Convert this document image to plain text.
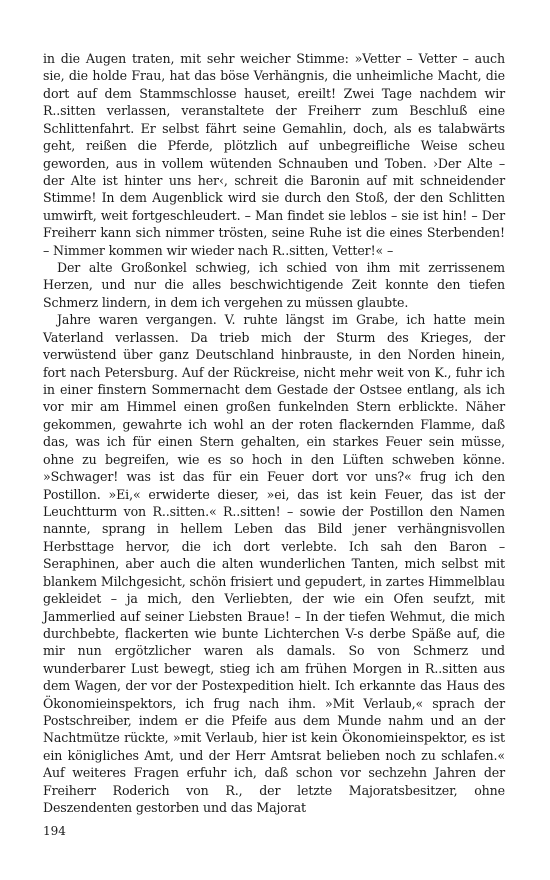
in die Augen traten, mit sehr weicher Stimme: »Vetter – Vetter – auch sie, die holde Frau, hat das böse Verhängnis, die unheimliche Macht, die dort auf dem Stammschlosse hauset, ereilt! Zwei Tage nachdem wir R..sitten verlassen, veranstaltete der Freiherr zum Beschluß eine Schlittenfahrt. Er selbst fährt seine Gemahlin, doch, als es talabwärts geht, reißen die Pferde, plötzlich auf unbegreifliche Weise scheu geworden, aus in vollem wütenden Schnauben und Toben. ›Der Alte – der Alte ist hinter uns her‹, schreit die Baronin auf mit schneidender Stimme! In dem Augenblick wird sie durch den Stoß, der den Schlitten umwirft, weit fortgeschleudert. – Man findet sie leblos – sie ist hin! – Der Freiherr kann sich nimmer trösten, seine Ruhe ist die eines Sterbenden! – Nimmer kommen wir wieder nach R..sitten, Vetter!« –

Der alte Großonkel schwieg, ich schied von ihm mit zerrissenem Herzen, und nur die alles beschwichtigende Zeit konnte den tiefen Schmerz lindern, in dem ich vergehen zu müssen glaubte.

Jahre waren vergangen. V. ruhte längst im Grabe, ich hatte mein Vaterland verlassen. Da trieb mich der Sturm des Krieges, der verwüstend über ganz Deutschland hinbrauste, in den Norden hinein, fort nach Petersburg. Auf der Rückreise, nicht mehr weit von K., fuhr ich in einer finstern Sommernacht dem Gestade der Ostsee entlang, als ich vor mir am Himmel einen großen funkelnden Stern erblickte. Näher gekommen, gewahrte ich wohl an der roten flackernden Flamme, daß das, was ich für einen Stern gehalten, ein starkes Feuer sein müsse, ohne zu begreifen, wie es so hoch in den Lüften schweben könne. »Schwager! was ist das für ein Feuer dort vor uns?« frug ich den Postillon. »Ei,« erwiderte dieser, »ei, das ist kein Feuer, das ist der Leuchtturm von R..sitten.« R..sitten! – sowie der Postillon den Namen nannte, sprang in hellem Leben das Bild jener verhängnisvollen Herbsttage hervor, die ich dort verlebte. Ich sah den Baron – Seraphinen, aber auch die alten wunderlichen Tanten, mich selbst mit blankem Milchgesicht, schön frisiert und gepudert, in zartes Himmelblau gekleidet – ja mich, den Verliebten, der wie ein Ofen seufzt, mit Jammerlied auf seiner Liebsten Braue! – In der tiefen Wehmut, die mich durchbebte, flackerten wie bunte Lichterchen V-s derbe Späße auf, die mir nun ergötzlicher waren als damals. So von Schmerz und wunderbarer Lust bewegt, stieg ich am frühen Morgen in R..sitten aus dem Wagen, der vor der Postexpedition hielt. Ich erkannte das Haus des Ökonomieinspektors, ich frug nach ihm. »Mit Verlaub,« sprach der Postschreiber, indem er die Pfeife aus dem Munde nahm und an der Nachtmütze rückte, »mit Verlaub, hier ist kein Ökonomieinspektor, es ist ein königliches Amt, und der Herr Amtsrat belieben noch zu schlafen.« Auf weiteres Fragen erfuhr ich, daß schon vor sechzehn Jahren der Freiherr Roderich von R., der letzte Majoratsbesitzer, ohne Deszendenten gestorben und das Majorat

194
